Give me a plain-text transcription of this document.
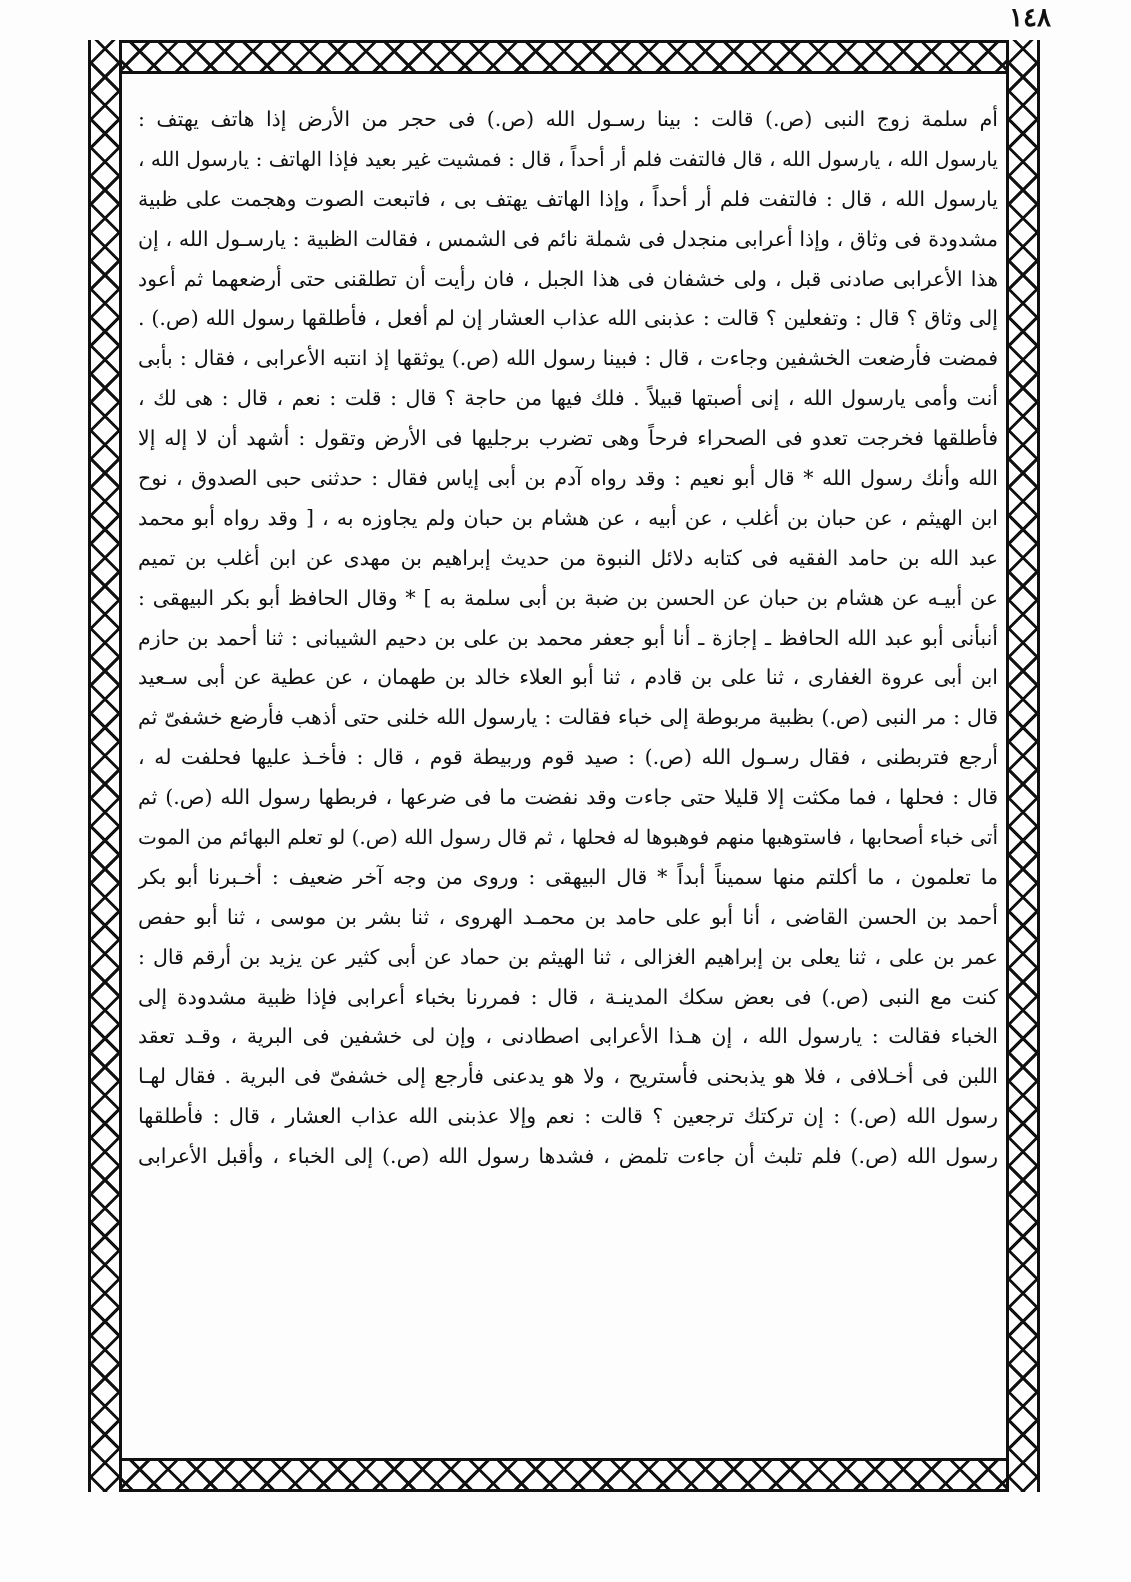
١٤٨
أم سلمة زوج النبى (ص.) قالت : بينا رسـول الله (ص.) فى حجر من الأرض إذا هاتف يهتف :
يارسول الله ، يارسول الله ، قال فالتفت فلم أر أحداً ، قال : فمشيت غير بعيد فإذا الهاتف : يارسول الله ،
يارسول الله ، قال : فالتفت فلم أر أحداً ، وإذا الهاتف يهتف بى ، فاتبعت الصوت وهجمت على ظبية
مشدودة فى وثاق ، وإذا أعرابى منجدل فى شملة نائم فى الشمس ، فقالت الظبية : يارسـول الله ، إن
هذا الأعرابى صادنى قبل ، ولى خشفان فى هذا الجبل ، فان رأيت أن تطلقنى حتى أرضعهما ثم أعود
إلى وثاق ؟ قال : وتفعلين ؟ قالت : عذبنى الله عذاب العشار إن لم أفعل ، فأطلقها رسول الله (ص.) .
فمضت فأرضعت الخشفين وجاءت ، قال : فبينا رسول الله (ص.) يوثقها إذ انتبه الأعرابى ، فقال : بأبى
أنت وأمى يارسول الله ، إنى أصبتها قبيلاً . فلك فيها من حاجة ؟ قال : قلت : نعم ، قال : هى لك ،
فأطلقها فخرجت تعدو فى الصحراء فرحاً وهى تضرب برجليها فى الأرض وتقول : أشهد أن لا إله إلا
الله وأنك رسول الله * قال أبو نعيم : وقد رواه آدم بن أبى إياس فقال : حدثنى حبى الصدوق ، نوح
ابن الهيثم ، عن حبان بن أغلب ، عن أبيه ، عن هشام بن حبان ولم يجاوزه به ، [ وقد رواه أبو محمد
عبد الله بن حامد الفقيه فى كتابه دلائل النبوة من حديث إبراهيم بن مهدى عن ابن أغلب بن تميم
عن أبيـه عن هشام بن حبان عن الحسن بن ضبة بن أبى سلمة به ] * وقال الحافظ أبو بكر البيهقى :
أنبأنى أبو عبد الله الحافظ ـ إجازة ـ أنا أبو جعفر محمد بن على بن دحيم الشيبانى : ثنا أحمد بن حازم
ابن أبى عروة الغفارى ، ثنا على بن قادم ، ثنا أبو العلاء خالد بن طهمان ، عن عطية عن أبى سـعيد
قال : مر النبى (ص.) بظبية مربوطة إلى خباء فقالت : يارسول الله خلنى حتى أذهب فأرضع خشفىّ ثم
أرجع فتربطنى ، فقال رسـول الله (ص.) : صيد قوم وربيطة قوم ، قال : فأخـذ عليها فحلفت له ،
قال : فحلها ، فما مكثت إلا قليلا حتى جاءت وقد نفضت ما فى ضرعها ، فربطها رسول الله (ص.) ثم
أتى خباء أصحابها ، فاستوهبها منهم فوهبوها له فحلها ، ثم قال رسول الله (ص.) لو تعلم البهائم من الموت
ما تعلمون ، ما أكلتم منها سميناً أبداً * قال البيهقى : وروى من وجه آخر ضعيف : أخـبرنا أبو بكر
أحمد بن الحسن القاضى ، أنا أبو على حامد بن محمـد الهروى ، ثنا بشر بن موسى ، ثنا أبو حفص
عمر بن على ، ثنا يعلى بن إبراهيم الغزالى ، ثنا الهيثم بن حماد عن أبى كثير عن يزيد بن أرقم قال :
كنت مع النبى (ص.) فى بعض سكك المدينـة ، قال : فمررنا بخباء أعرابى فإذا ظبية مشدودة إلى
الخباء فقالت : يارسول الله ، إن هـذا الأعرابى اصطادنى ، وإن لى خشفين فى البرية ، وقـد تعقد
اللبن فى أخـلافى ، فلا هو يذبحنى فأستريح ، ولا هو يدعنى فأرجع إلى خشفىّ فى البرية . فقال لهـا
رسول الله (ص.) : إن تركتك ترجعين ؟ قالت : نعم وإلا عذبنى الله عذاب العشار ، قال : فأطلقها
رسول الله (ص.) فلم تلبث أن جاءت تلمض ، فشدها رسول الله (ص.) إلى الخباء ، وأقبل الأعرابى
